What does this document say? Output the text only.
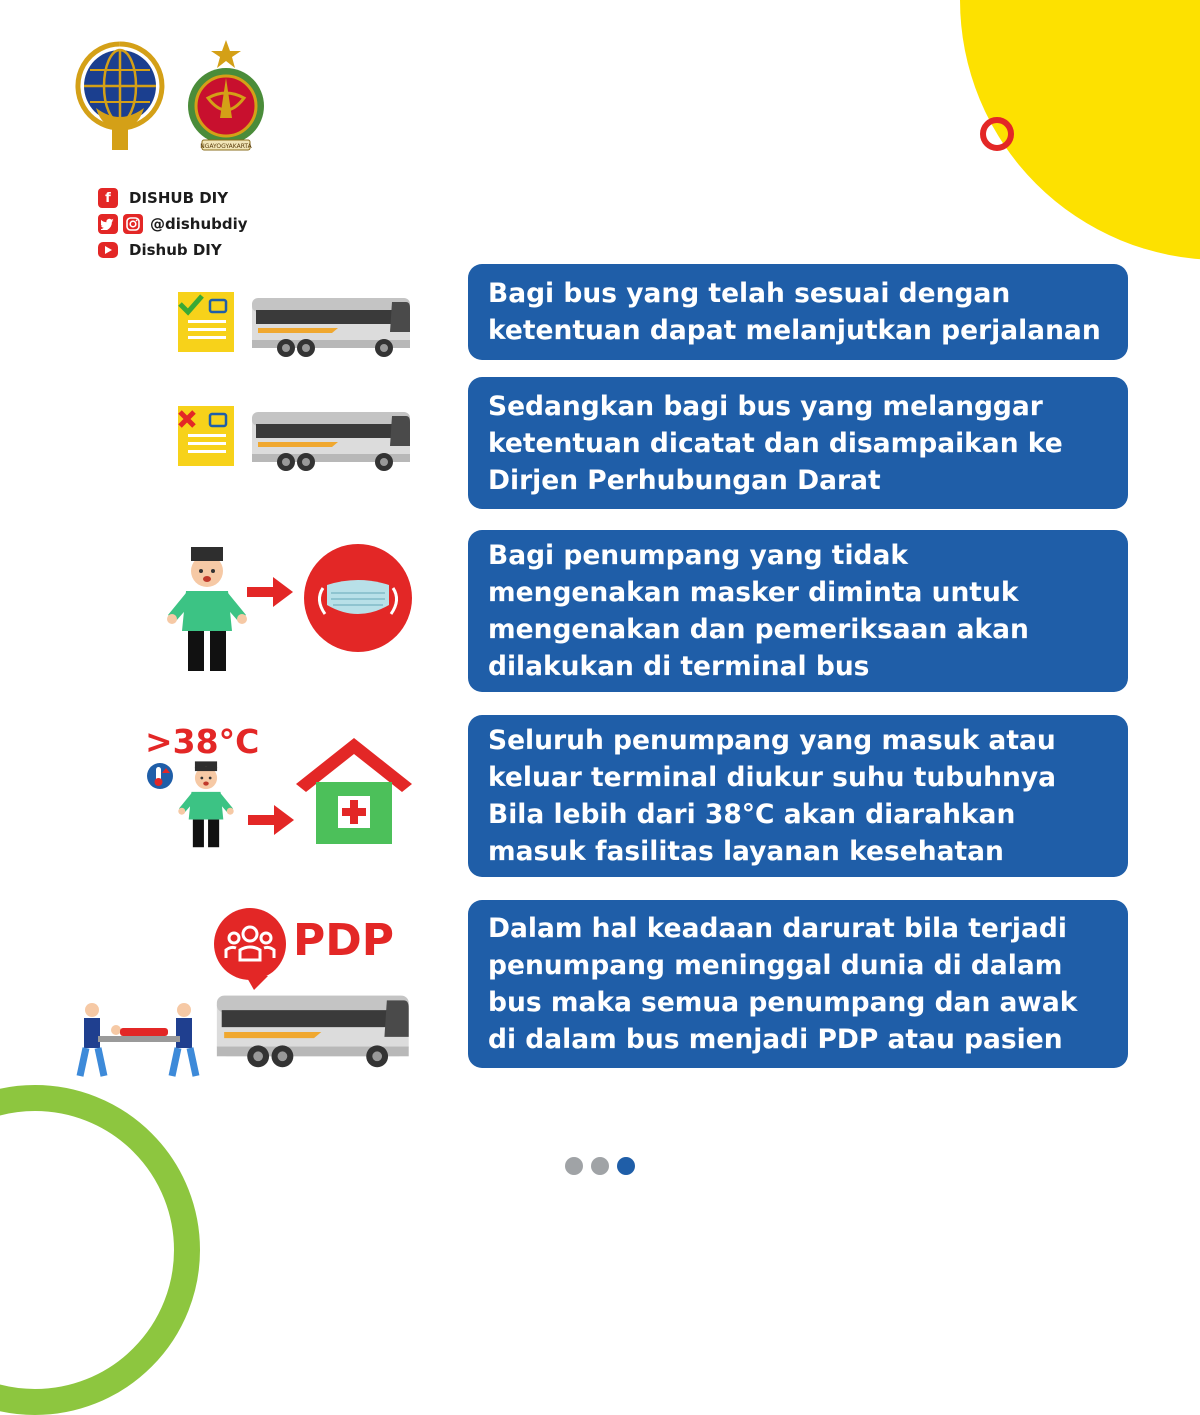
NGAYOGYAKARTA
f	DISHUB DIY
@dishubdiy
Dishub DIY
>38°C
PDP
Bagi bus yang telah sesuai dengan
ketentuan dapat melanjutkan perjalanan
Sedangkan bagi bus yang melanggar
ketentuan dicatat dan disampaikan ke
Dirjen Perhubungan Darat
Bagi penumpang yang tidak
mengenakan masker diminta untuk
mengenakan dan pemeriksaan akan
dilakukan di terminal bus
Seluruh penumpang yang masuk atau
keluar terminal diukur suhu tubuhnya
Bila lebih dari 38°C akan diarahkan
masuk fasilitas layanan kesehatan
Dalam hal keadaan darurat bila terjadi
penumpang meninggal dunia di dalam
bus maka semua penumpang dan awak
di dalam bus menjadi PDP atau pasien
